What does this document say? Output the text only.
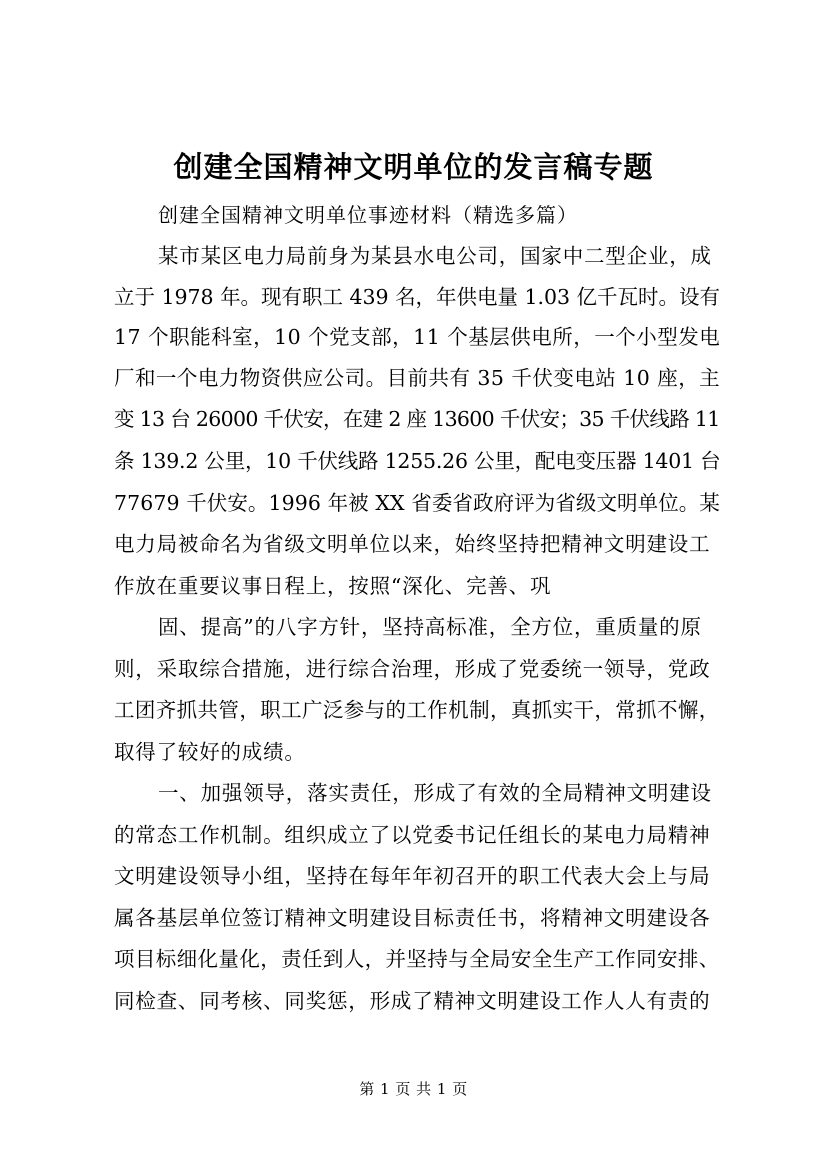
创建全国精神文明单位的发言稿专题
创建全国精神文明单位事迹材料（精选多篇）
某市某区电力局前身为某县水电公司，国家中二型企业，成
立于 1978 年。现有职工 439 名，年供电量 1.03 亿千瓦时。设有
17 个职能科室，10 个党支部，11 个基层供电所，一个小型发电
厂和一个电力物资供应公司。目前共有 35 千伏变电站 10 座，主
变 13 台 26000 千伏安，在建 2 座 13600 千伏安；35 千伏线路 11
条 139.2 公里，10 千伏线路 1255.26 公里，配电变压器 1401 台
77679 千伏安。1996 年被 XX 省委省政府评为省级文明单位。某
电力局被命名为省级文明单位以来，始终坚持把精神文明建设工
作放在重要议事日程上，按照“深化、完善、巩
固、提高”的八字方针，坚持高标准，全方位，重质量的原
则，采取综合措施，进行综合治理，形成了党委统一领导，党政
工团齐抓共管，职工广泛参与的工作机制，真抓实干，常抓不懈，
取得了较好的成绩。
一、加强领导，落实责任，形成了有效的全局精神文明建设
的常态工作机制。组织成立了以党委书记任组长的某电力局精神
文明建设领导小组，坚持在每年年初召开的职工代表大会上与局
属各基层单位签订精神文明建设目标责任书，将精神文明建设各
项目标细化量化，责任到人，并坚持与全局安全生产工作同安排、
同检查、同考核、同奖惩，形成了精神文明建设工作人人有责的
第 1 页 共 1 页
